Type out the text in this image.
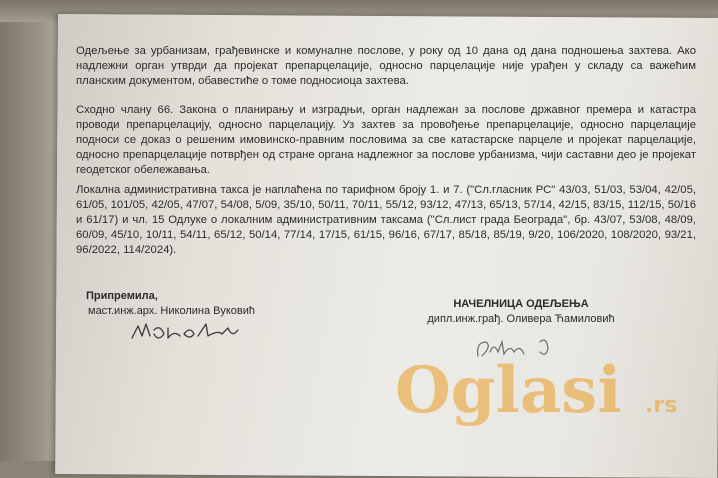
Одељење за урбанизам, грађевинске и комуналне послове, у року од 10 дана од дана подношења захтева. Ако надлежни орган утврди да пројекат препарцелације, односно парцелације није урађен у складу са важећим планским документом, обавестиће о томе подносиоца захтева.
Сходно члану 66. Закона о планирању и изградњи, орган надлежан за послове државног премера и катастра проводи препарцелацију, односно парцелацију. Уз захтев за провођење препарцелације, односно парцелације подноси се доказ о решеним имовинско-правним пословима за све катастарске парцеле и пројекат парцелације, односно препарцелације потврђен од стране органа надлежног за послове урбанизма, чији саставни део је пројекат геодетског обележавања.
Локална административна такса је наплаћена по тарифном броју 1. и 7. ("Сл.гласник РС" 43/03, 51/03, 53/04, 42/05, 61/05, 101/05, 42/05, 47/07, 54/08, 5/09, 35/10, 50/11, 70/11, 55/12, 93/12, 47/13, 65/13, 57/14, 42/15, 83/15, 112/15, 50/16 и 61/17) и чл. 15 Одлуке о локалним административним таксама ("Сл.лист града Београда", бр. 43/07, 53/08, 48/09, 60/09, 45/10, 10/11, 54/11, 65/12, 50/14, 77/14, 17/15, 61/15, 96/16, 67/17, 85/18, 85/19, 9/20, 106/2020, 108/2020, 93/21, 96/2022, 114/2024).
Припремила,
маст.инж.арх. Николина Вуковић
НАЧЕЛНИЦА ОДЕЉЕЊА
дипл.инж.грађ. Оливера Ћамиловић
Oglasi .rs
